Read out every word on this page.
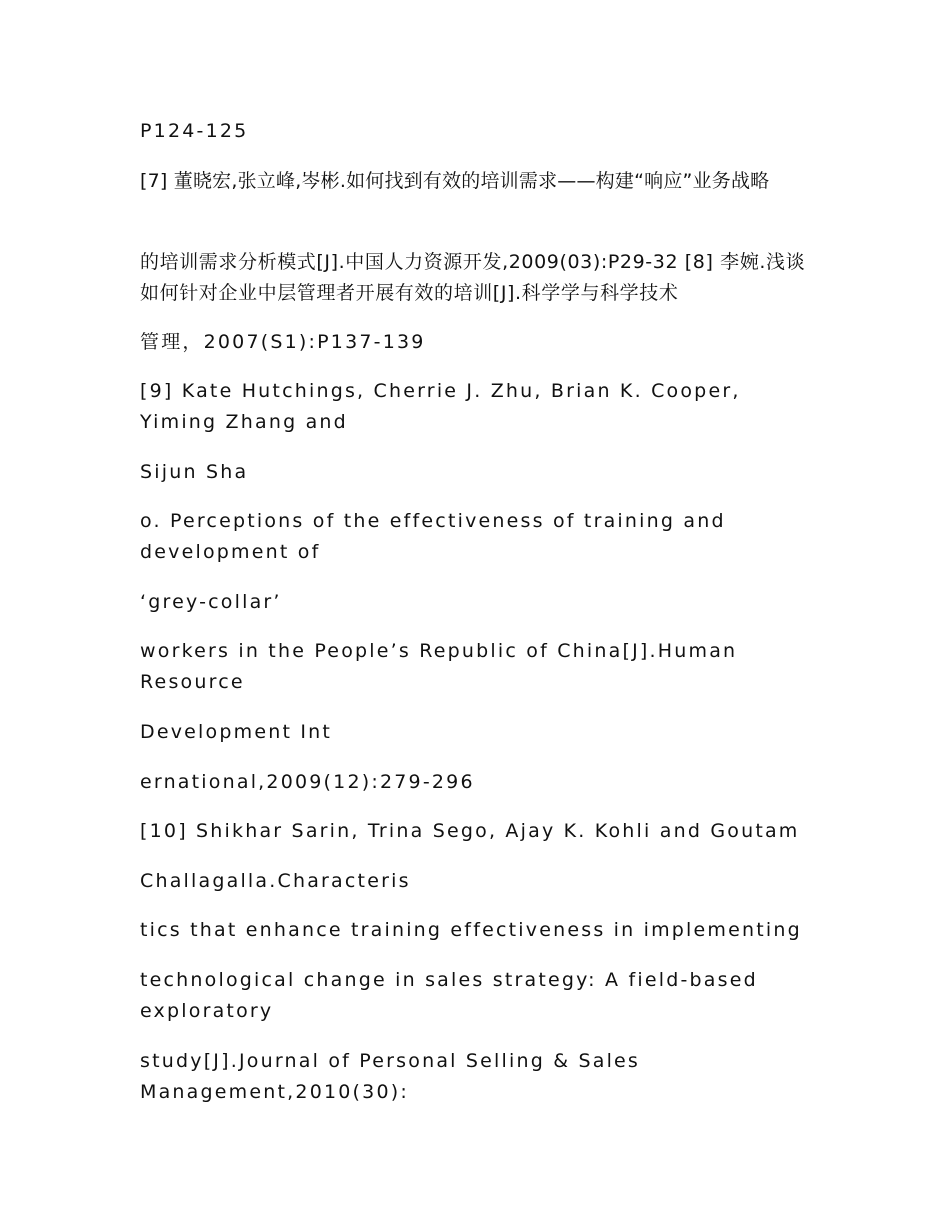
P124-125

[7] 董晓宏,张立峰,岑彬.如何找到有效的培训需求——构建“响应”业务战略

的培训需求分析模式[J].中国人力资源开发,2009(03):P29-32 [8] 李婉.浅谈如何针对企业中层管理者开展有效的培训[J].科学学与科学技术

管理，2007(S1):P137-139

[9] Kate Hutchings, Cherrie J. Zhu, Brian K. Cooper, Yiming Zhang and

Sijun Sha

o. Perceptions of the effectiveness of training and development of

‘grey-collar’

workers in the People’s Republic of China[J].Human Resource

Development Int

ernational,2009(12):279-296

[10] Shikhar Sarin, Trina Sego, Ajay K. Kohli and Goutam

Challagalla.Characteris

tics that enhance training effectiveness in implementing

technological change in sales strategy: A field-based exploratory

study[J].Journal of Personal Selling & Sales Management,2010(30):
